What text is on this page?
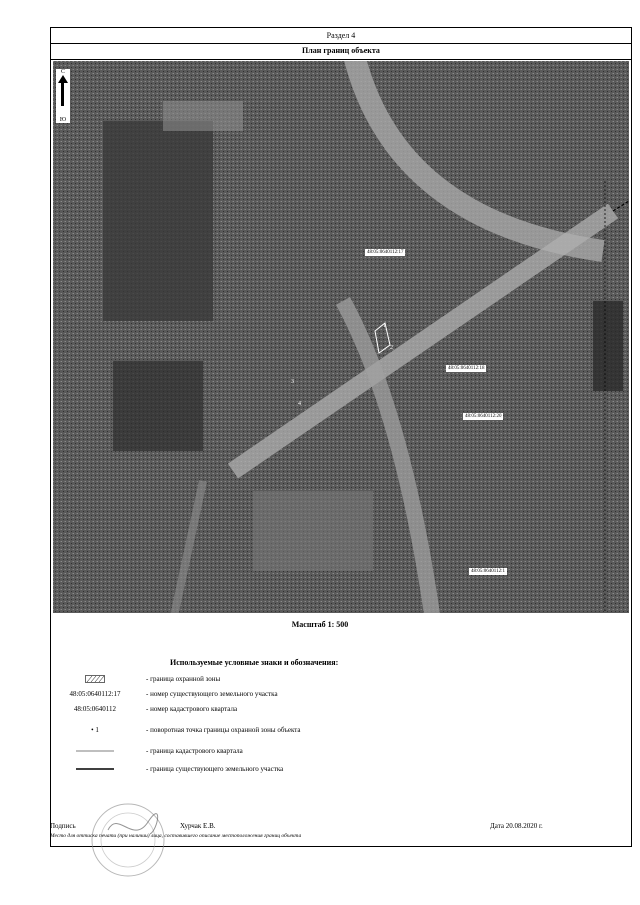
Раздел 4
План границ объекта
С
Ю
48:05:0640112:17
48:05:0640112:18
48:05:0640112:20
48:05:0640112:1
1
2
3
4
Масштаб 1: 500
Используемые условные знаки и обозначения:
- граница охранной зоны
48:05:0640112:17	- номер существующего земельного участка
48:05:0640112	- номер кадастрового квартала
• 1	- поворотная точка границы охранной зоны объекта
- граница кадастрового квартала
- граница существующего земельного участка
Подпись	Хурчак Е.В.	Дата 20.08.2020 г.
Место для оттиска печати (при наличии) лица, составившего описание местоположения границ объекта
